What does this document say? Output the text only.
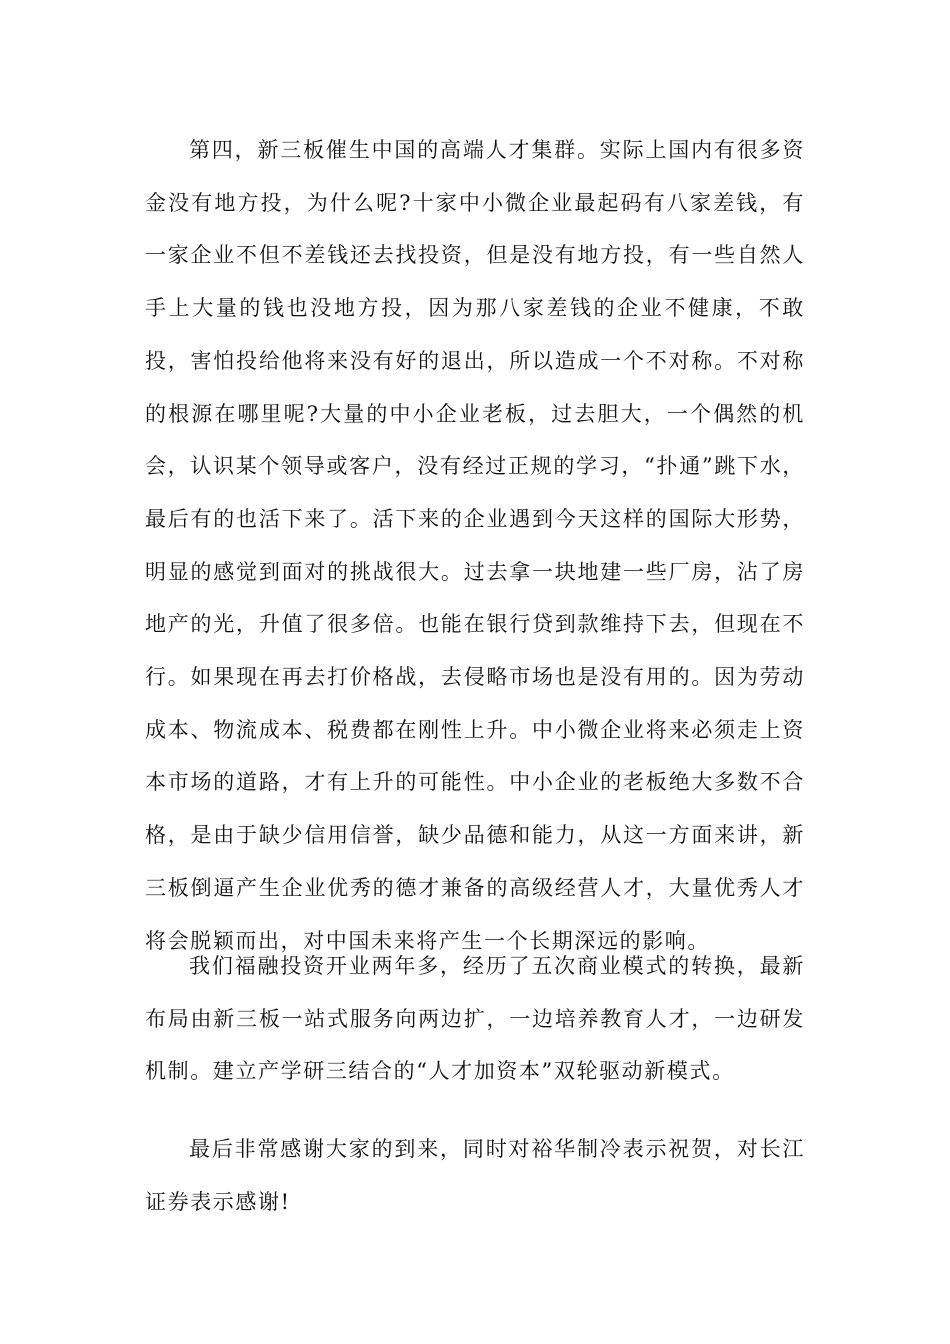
第四，新三板催生中国的高端人才集群。实际上国内有很多资金没有地方投，为什么呢?十家中小微企业最起码有八家差钱，有一家企业不但不差钱还去找投资，但是没有地方投，有一些自然人手上大量的钱也没地方投，因为那八家差钱的企业不健康，不敢投，害怕投给他将来没有好的退出，所以造成一个不对称。不对称的根源在哪里呢?大量的中小企业老板，过去胆大，一个偶然的机会，认识某个领导或客户，没有经过正规的学习，“扑通”跳下水，最后有的也活下来了。活下来的企业遇到今天这样的国际大形势，明显的感觉到面对的挑战很大。过去拿一块地建一些厂房，沾了房地产的光，升值了很多倍。也能在银行贷到款维持下去，但现在不行。如果现在再去打价格战，去侵略市场也是没有用的。因为劳动成本、物流成本、税费都在刚性上升。中小微企业将来必须走上资本市场的道路，才有上升的可能性。中小企业的老板绝大多数不合格，是由于缺少信用信誉，缺少品德和能力，从这一方面来讲，新三板倒逼产生企业优秀的德才兼备的高级经营人才，大量优秀人才将会脱颖而出，对中国未来将产生一个长期深远的影响。

我们福融投资开业两年多，经历了五次商业模式的转换，最新布局由新三板一站式服务向两边扩，一边培养教育人才，一边研发机制。建立产学研三结合的“人才加资本”双轮驱动新模式。

最后非常感谢大家的到来，同时对裕华制冷表示祝贺，对长江证券表示感谢!
